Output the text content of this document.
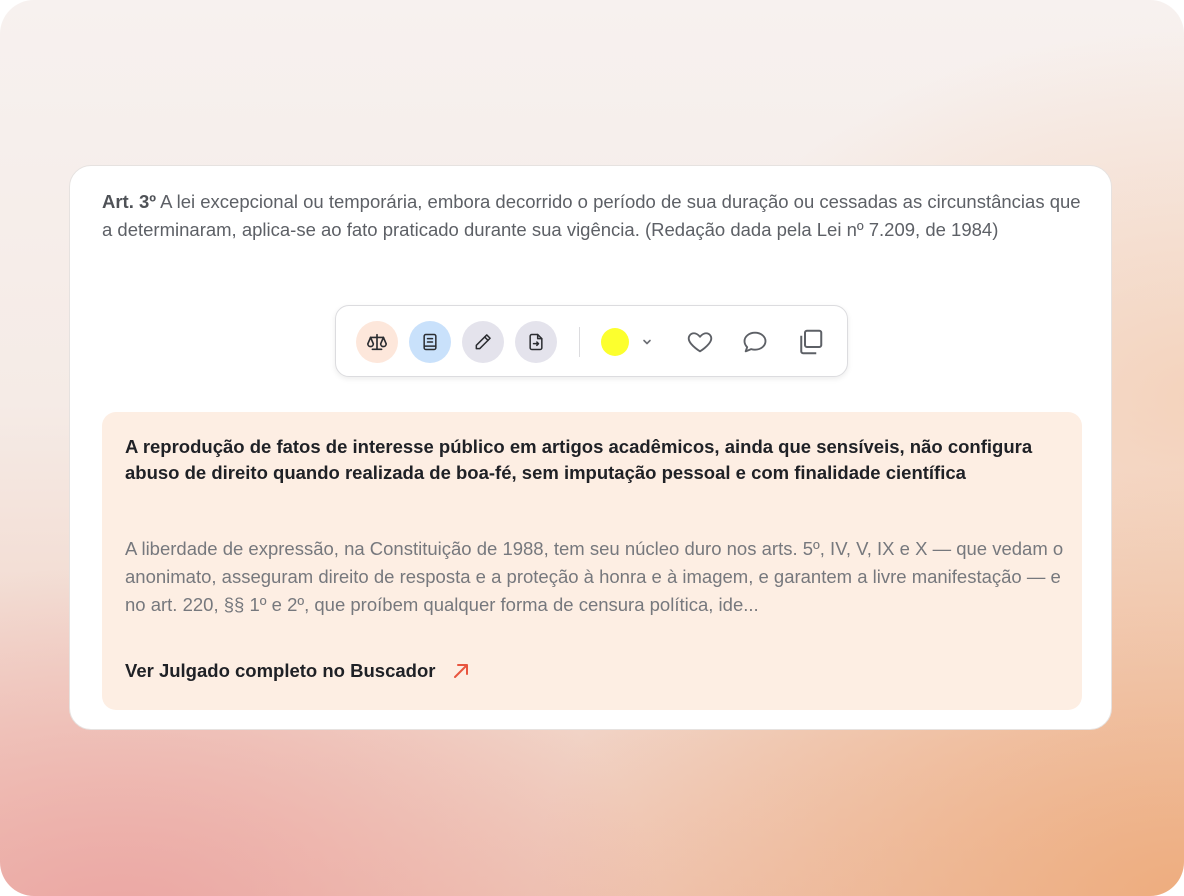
Art. 3º A lei excepcional ou temporária, embora decorrido o período de sua duração ou cessadas as circunstâncias que a determinaram, aplica-se ao fato praticado durante sua vigência. (Redação dada pela Lei nº 7.209, de 1984)

A reprodução de fatos de interesse público em artigos acadêmicos, ainda que sensíveis, não configura abuso de direito quando realizada de boa-fé, sem imputação pessoal e com finalidade científica

A liberdade de expressão, na Constituição de 1988, tem seu núcleo duro nos arts. 5º, IV, V, IX e X — que vedam o anonimato, asseguram direito de resposta e a proteção à honra e à imagem, e garantem a livre manifestação — e no art. 220, §§ 1º e 2º, que proíbem qualquer forma de censura política, ide...

Ver Julgado completo no Buscador
